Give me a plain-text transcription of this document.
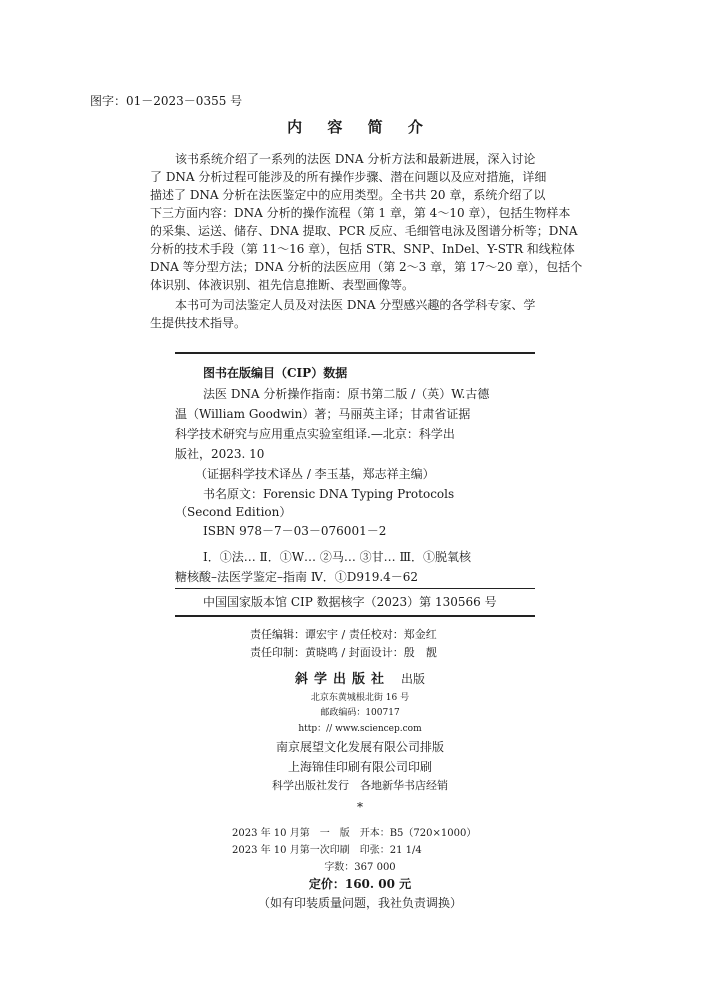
图字：01－2023－0355 号
内 容 简 介
该书系统介绍了一系列的法医 DNA 分析方法和最新进展，深入讨论
了 DNA 分析过程可能涉及的所有操作步骤、潜在问题以及应对措施，详细
描述了 DNA 分析在法医鉴定中的应用类型。全书共 20 章，系统介绍了以
下三方面内容：DNA 分析的操作流程（第 1 章，第 4～10 章），包括生物样本
的采集、运送、储存、DNA 提取、PCR 反应、毛细管电泳及图谱分析等；DNA
分析的技术手段（第 11～16 章），包括 STR、SNP、InDel、Y-STR 和线粒体
DNA 等分型方法；DNA 分析的法医应用（第 2～3 章，第 17～20 章），包括个
体识别、体液识别、祖先信息推断、表型画像等。
本书可为司法鉴定人员及对法医 DNA 分型感兴趣的各学科专家、学
生提供技术指导。
图书在版编目（CIP）数据
法医 DNA 分析操作指南：原书第二版 /（英）W.古德
温（William Goodwin）著；马丽英主译；甘肃省证据
科学技术研究与应用重点实验室组译.—北京：科学出
版社，2023. 10
（证据科学技术译丛 / 李玉基，郑志祥主编）
书名原文：Forensic DNA Typing Protocols
（Second Edition）
ISBN 978－7－03－076001－2
Ⅰ．①法… Ⅱ．①W… ②马… ③甘… Ⅲ．①脱氧核
糖核酸–法医学鉴定–指南 Ⅳ．①D919.4－62
中国国家版本馆 CIP 数据核字（2023）第 130566 号
责任编辑：谭宏宇 / 责任校对：郑金红
责任印制：黄晓鸣 / 封面设计：殷　靓
斜学出版社 出版
北京东黄城根北街 16 号
邮政编码：100717
http：// www.sciencep.com
南京展望文化发展有限公司排版
上海锦佳印刷有限公司印刷
科学出版社发行　各地新华书店经销
*
2023 年 10 月第　一　版　开本：B5（720×1000）
2023 年 10 月第一次印刷　印张：21 1/4
字数：367 000
定价：160. 00 元
（如有印装质量问题，我社负责调换）
